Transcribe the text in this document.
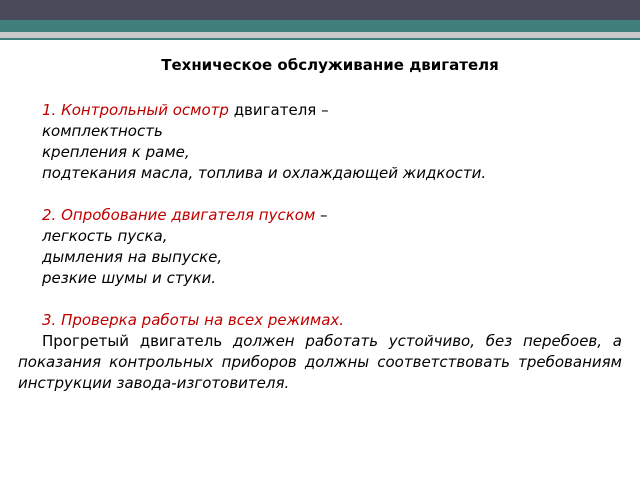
Техническое обслуживание двигателя
1. Контрольный осмотр двигателя –
комплектность
крепления к раме,
подтекания масла, топлива и охлаждающей жидкости.
2. Опробование двигателя пуском –
легкость пуска,
дымления на выпуске,
резкие шумы и стуки.
3. Проверка работы на всех режимах.
Прогретый двигатель должен работать устойчиво, без перебоев, а показания контрольных приборов должны соответствовать требованиям инструкции завода-изготовителя.
